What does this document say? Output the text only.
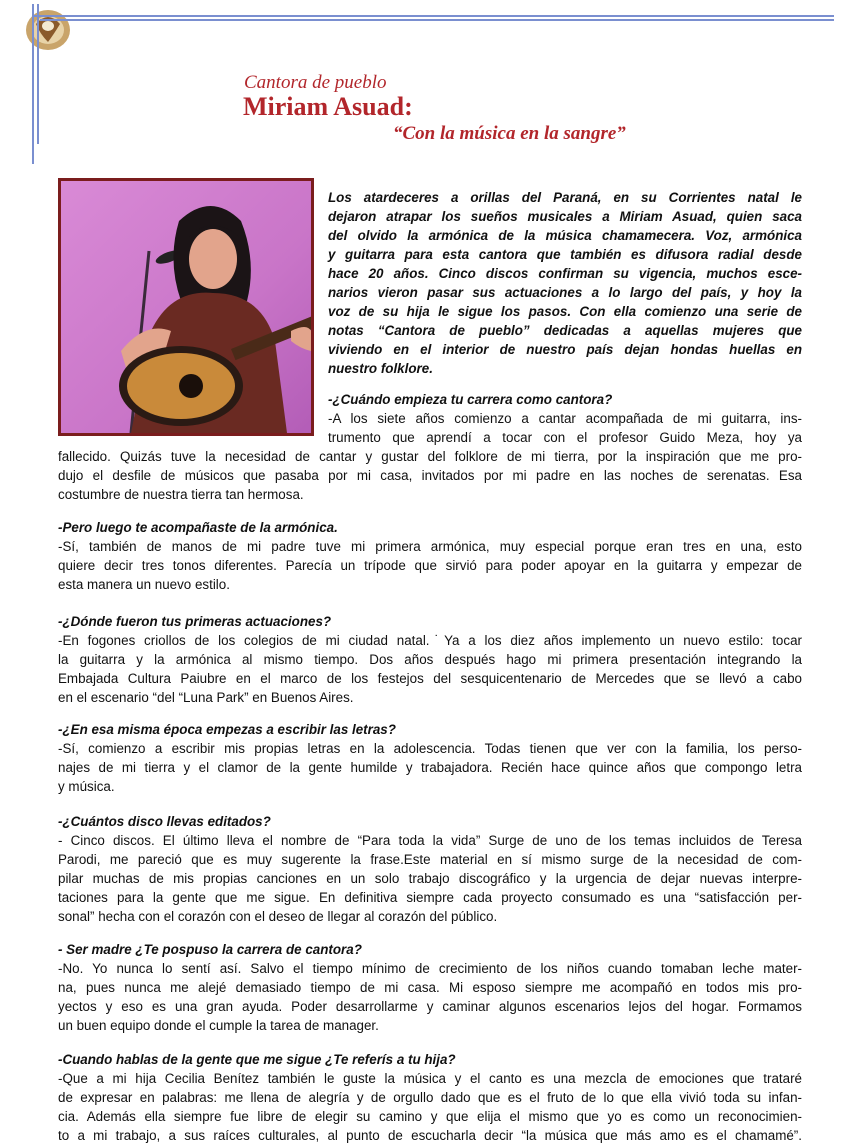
Cantora de pueblo
Miriam Asuad:
“Con la música en la sangre”
Los atardeceres a orillas del Paraná, en su Corrientes natal le
dejaron atrapar los sueños musicales a Miriam Asuad, quien saca
del olvido la armónica de la música chamamecera. Voz, armónica
y guitarra para esta cantora que también es difusora radial desde
hace 20 años. Cinco discos confirman su vigencia, muchos esce-
narios vieron pasar sus actuaciones a lo largo del país, y hoy la
voz de su hija le sigue los pasos. Con ella comienzo una serie de
notas “Cantora de pueblo” dedicadas a aquellas mujeres que
viviendo en el interior de nuestro país dejan hondas huellas en
nuestro folklore.
-¿Cuándo empieza tu carrera como cantora?
-A los siete años comienzo a cantar acompañada de mi guitarra, ins-
trumento que aprendí a tocar con el profesor Guido Meza, hoy ya
fallecido. Quizás tuve la necesidad de cantar y gustar del folklore de mi tierra, por la inspiración que me pro-
dujo el desfile de músicos que pasaba por mi casa, invitados por mi padre en las noches de serenatas. Esa
costumbre de nuestra tierra tan hermosa.
-Pero luego te acompañaste de la armónica.
-Sí, también de manos de mi padre tuve mi primera armónica, muy especial porque eran tres en una, esto
quiere decir tres tonos diferentes. Parecía un trípode que sirvió para poder apoyar en la guitarra y empezar de
esta manera un nuevo estilo.
-¿Dónde fueron tus primeras actuaciones?
-En fogones criollos de los colegios de mi ciudad natal.˙Ya a los diez años implemento un nuevo estilo: tocar
la guitarra y la armónica al mismo tiempo. Dos años después hago mi primera presentación integrando la
Embajada Cultura Paiubre en el marco de los festejos del sesquicentenario de Mercedes que se llevó a cabo
en el escenario “del “Luna Park” en Buenos Aires.
-¿En esa misma época empezas a escribir las letras?
-Sí, comienzo a escribir mis propias letras en la adolescencia. Todas tienen que ver con la familia, los perso-
najes de mi tierra y el clamor de la gente humilde y trabajadora. Recién hace quince años que compongo letra
y música.
-¿Cuántos disco llevas editados?
- Cinco discos. El último lleva el nombre de “Para toda la vida” Surge de uno de los temas incluidos de Teresa
Parodi, me pareció que es muy sugerente la frase.Este material en sí mismo surge de la necesidad de com-
pilar muchas de mis propias canciones en un solo trabajo discográfico y la urgencia de dejar nuevas interpre-
taciones para la gente que me sigue. En definitiva siempre cada proyecto consumado es una “satisfacción per-
sonal” hecha con el corazón con el deseo de llegar al corazón del público.
- Ser madre ¿Te pospuso la carrera de cantora?
-No. Yo nunca lo sentí así. Salvo el tiempo mínimo de crecimiento de los niños cuando tomaban leche mater-
na, pues nunca me alejé demasiado tiempo de mi casa. Mi esposo siempre me acompañó en todos mis pro-
yectos y eso es una gran ayuda. Poder desarrollarme y caminar algunos escenarios lejos del hogar. Formamos
un buen equipo donde el cumple la tarea de manager.
-Cuando hablas de la gente que me sigue ¿Te referís a tu hija?
-Que a mi hija Cecilia Benítez también le guste la música y el canto es una mezcla de emociones que trataré
de expresar en palabras: me llena de alegría y de orgullo dado que es el fruto de lo que ella vivió toda su infan-
cia. Además ella siempre fue libre de elegir su camino y que elija el mismo que yo es como un reconocimien-
to a mi trabajo, a sus raíces culturales, al punto de escucharla decir “la música que más amo es el chamamé”.
